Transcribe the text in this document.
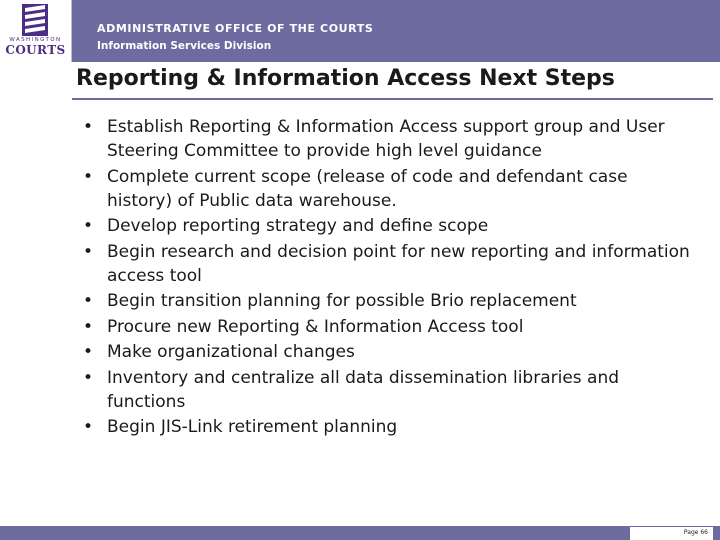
WASHINGTON
COURTS
ADMINISTRATIVE OFFICE OF THE COURTS
Information Services Division
Reporting & Information Access Next Steps
• Establish Reporting & Information Access support group and User Steering Committee to provide high level guidance
• Complete current scope (release of code and defendant case history) of Public data warehouse.
• Develop reporting strategy and define scope
• Begin research and decision point for new reporting and information access tool
• Begin transition planning for possible Brio replacement
• Procure new Reporting & Information Access tool
• Make organizational changes
• Inventory and centralize all data dissemination libraries and functions
• Begin JIS-Link retirement planning
Page 66
